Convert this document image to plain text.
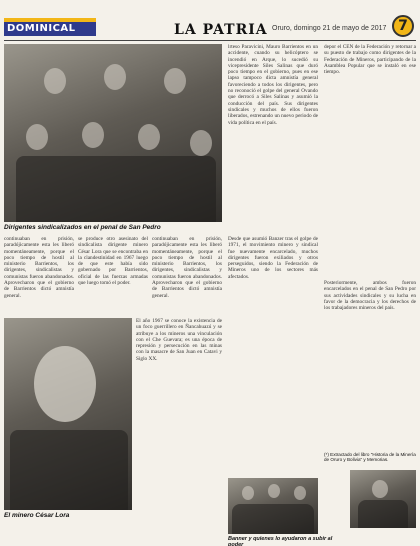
DOMINICAL	LA PATRIA Oruro, domingo 21 de mayo de 2017 7
Dirigentes sindicalizados en el penal de San Pedro

lrteso Paravicini, Mauro Barrientos en un accidente, cuando su helicóptero se incendió en Arque, lo sucedió su vicepresidente Siles Salinas que duró poco tiempo en el gobierno, pues en ese lapso tampoco dicta amnistía general favoreciendo a todos los dirigentes, pero no reconoció el golpe del general Ovando que derrocó a Siles Salinas y asumió la conducción del país. Sus dirigentes sindicales y muchos de ellos fueron liberados, estrenando un nuevo periodo de vida política en el país.

depor el CEN de la Federación y retornar a su puesto de trabajo como dirigentes de la Federación de Mineros, participando de la Asamblea Popular que se instaló en ese tiempo.

continuaban en prisión, paradójicamente esta les liberó momentáneamente, porque el poco tiempo de hostil al ministerio Barrientos, los dirigentes, sindicalistas y comunistas fueron abandonados. Aprovecharon que el gobierno de Barrientos dictó amnistía general.

se produce otro asesinato del sindicalista dirigente minero César Lora que se encontraba en la clandestinidad en 1967 luego de que este había sido gobernado por Barrientos, oficial de las fuerzas armadas que luego tomó el poder.

continuaban en prisión, paradójicamente esta les liberó momentáneamente, porque el poco tiempo de hostil al ministerio Barrientos, los dirigentes, sindicalistas y comunistas fueron abandonados. Aprovecharon que el gobierno de Barrientos dictó amnistía general.

Desde que asumió Banzer tras el golpe de 1971, el movimiento minero y sindical fue nuevamente encarcelado, muchos dirigentes fueron exiliados y otros perseguidos, siendo la Federación de Mineros uno de los sectores más afectados.

El minero César Lora

El año 1967 se conoce la existencia de un foco guerrillero en Ñancahuazú y se atribuye a los mineros una vinculación con el Che Guevara; es una época de represión y persecución en las minas con la masacre de San Juan en Catavi y Siglo XX.

Banner y quienes lo ayudaron a subir al poder

Posteriormente, ambos fueron encarcelados en el penal de San Pedro por sus actividades sindicales y su lucha en favor de la democracia y los derechos de los trabajadores mineros del país.

(*) Extractado del libro "Historia de la Minería de Oruro y Bolivia" y Memorias.
